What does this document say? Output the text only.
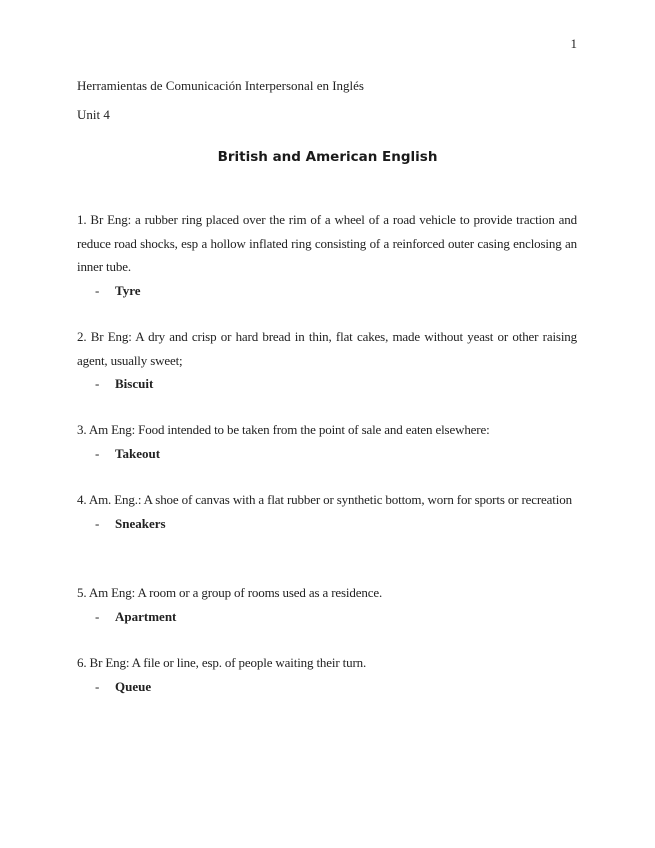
1
Herramientas de Comunicación Interpersonal en Inglés
Unit 4
British and American English

1. Br Eng: a rubber ring placed over the rim of a wheel of a road vehicle to provide traction and reduce road shocks, esp a hollow inflated ring consisting of a reinforced outer casing enclosing an inner tube.

-	Tyre

2. Br Eng: A dry and crisp or hard bread in thin, flat cakes, made without yeast or other raising agent, usually sweet;

-	Biscuit

3. Am Eng: Food intended to be taken from the point of sale and eaten elsewhere:

-	Takeout

4. Am. Eng.: A shoe of canvas with a flat rubber or synthetic bottom, worn for sports or recreation

-	Sneakers

5. Am Eng: A room or a group of rooms used as a residence.

-	Apartment

6. Br Eng: A file or line, esp. of people waiting their turn.

-	Queue
